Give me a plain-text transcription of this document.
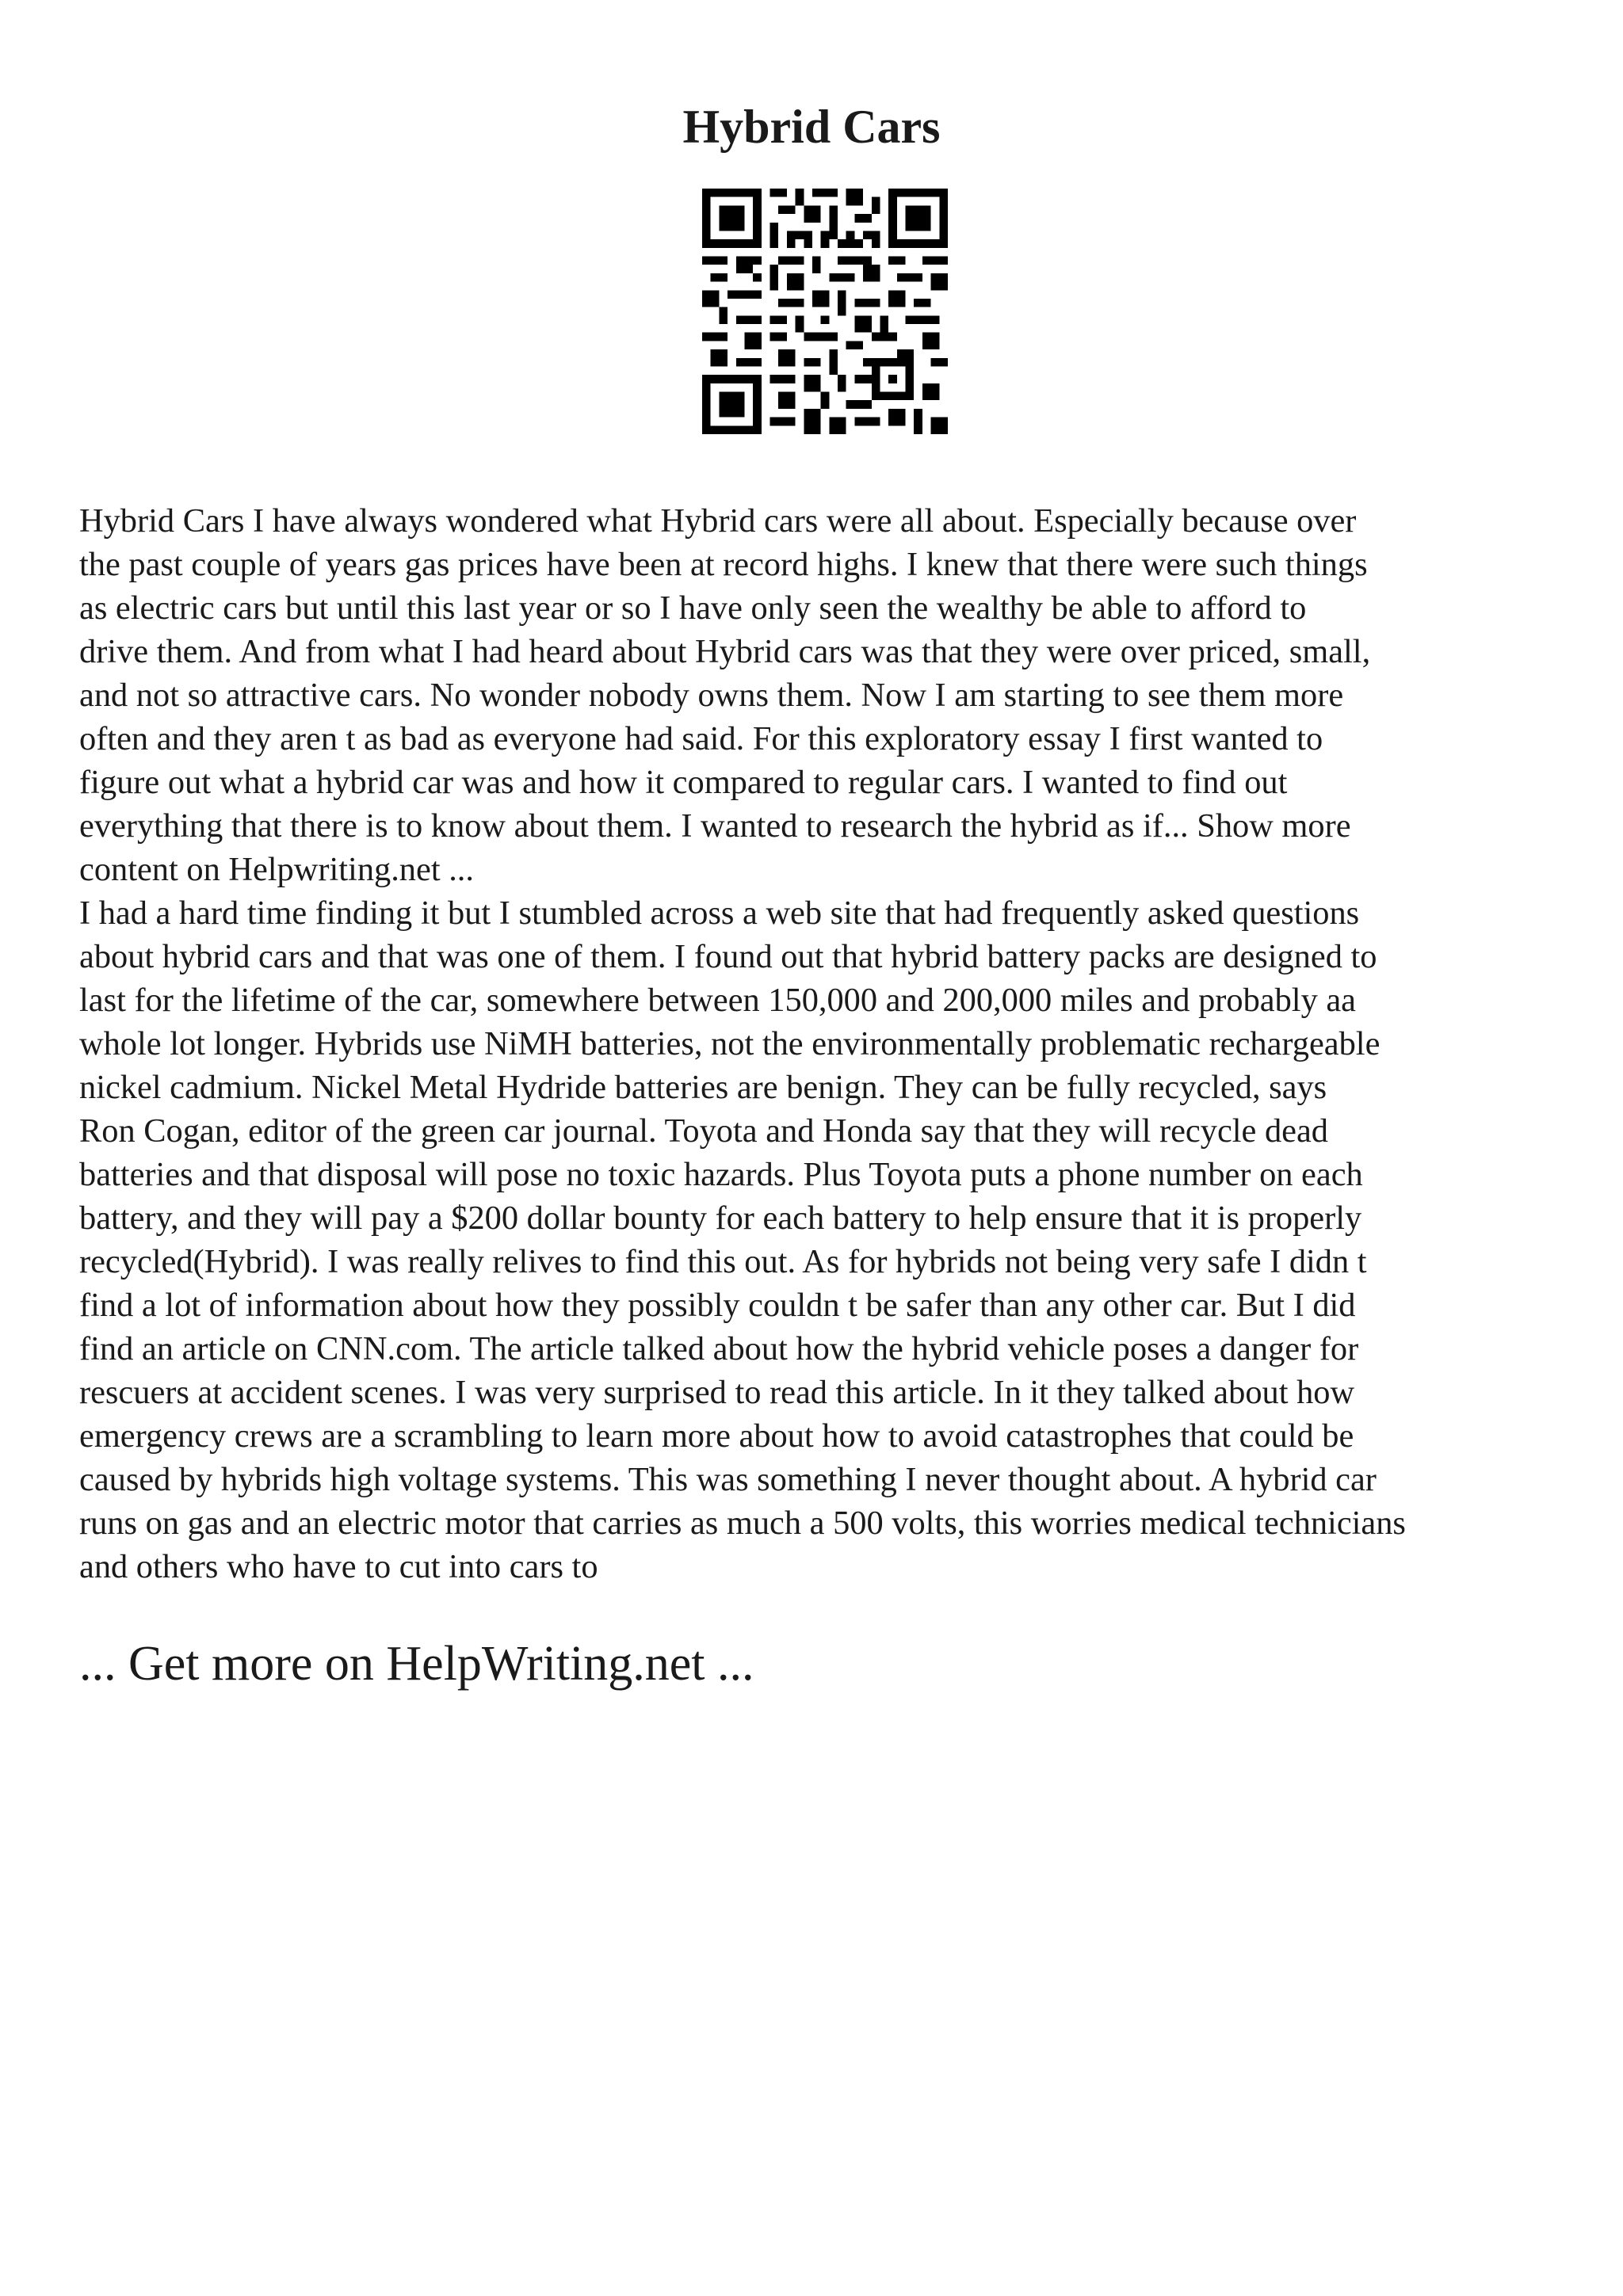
Hybrid Cars
Hybrid Cars I have always wondered what Hybrid cars were all about. Especially because over
the past couple of years gas prices have been at record highs. I knew that there were such things
as electric cars but until this last year or so I have only seen the wealthy be able to afford to
drive them. And from what I had heard about Hybrid cars was that they were over priced, small,
and not so attractive cars. No wonder nobody owns them. Now I am starting to see them more
often and they aren t as bad as everyone had said. For this exploratory essay I first wanted to
figure out what a hybrid car was and how it compared to regular cars. I wanted to find out
everything that there is to know about them. I wanted to research the hybrid as if... Show more
content on Helpwriting.net ...
I had a hard time finding it but I stumbled across a web site that had frequently asked questions
about hybrid cars and that was one of them. I found out that hybrid battery packs are designed to
last for the lifetime of the car, somewhere between 150,000 and 200,000 miles and probably aa
whole lot longer. Hybrids use NiMH batteries, not the environmentally problematic rechargeable
nickel cadmium. Nickel Metal Hydride batteries are benign. They can be fully recycled, says
Ron Cogan, editor of the green car journal. Toyota and Honda say that they will recycle dead
batteries and that disposal will pose no toxic hazards. Plus Toyota puts a phone number on each
battery, and they will pay a $200 dollar bounty for each battery to help ensure that it is properly
recycled(Hybrid). I was really relives to find this out. As for hybrids not being very safe I didn t
find a lot of information about how they possibly couldn t be safer than any other car. But I did
find an article on CNN.com. The article talked about how the hybrid vehicle poses a danger for
rescuers at accident scenes. I was very surprised to read this article. In it they talked about how
emergency crews are a scrambling to learn more about how to avoid catastrophes that could be
caused by hybrids high voltage systems. This was something I never thought about. A hybrid car
runs on gas and an electric motor that carries as much a 500 volts, this worries medical technicians
and others who have to cut into cars to

... Get more on HelpWriting.net ...
